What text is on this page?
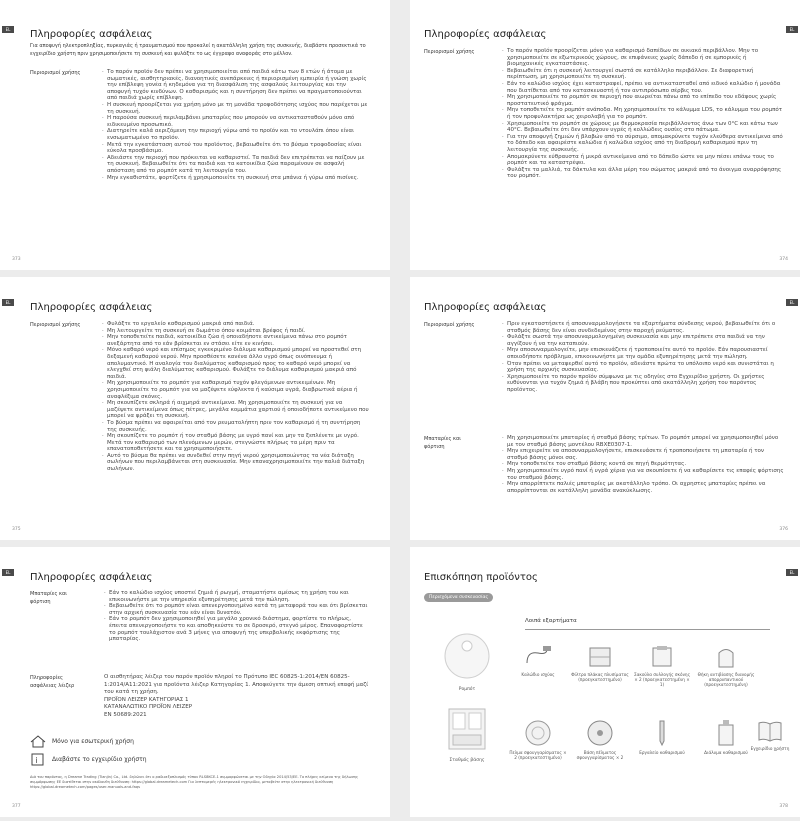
EL	Πληροφορίες ασφάλειας
Για αποφυγή ηλεκτροπληξίας, πυρκαγιάς ή τραυματισμού που προκαλεί η ακατάλληλη χρήση της συσκευής, διαβάστε προσεκτικά το εγχειρίδιο χρήστη πριν χρησιμοποιήσετε τη συσκευή και φυλάξτε το ως έγγραφο αναφοράς στο μέλλον.
Περιορισμοί χρήσης	· Το παρόν προϊόν δεν πρέπει να χρησιμοποιείται από παιδιά κάτω των 8 ετών ή άτομα με σωματικές, αισθητηριακές, διανοητικές ανεπάρκειες ή περιορισμένη εμπειρία ή γνώση χωρίς την επίβλεψη γονέα ή κηδεμόνα για τη διασφάλιση της ασφαλούς λειτουργίας και την αποφυγή τυχόν κινδύνων. Ο καθαρισμός και η συντήρηση δεν πρέπει να πραγματοποιούνται από παιδιά χωρίς επίβλεψη.
· Η συσκευή προορίζεται για χρήση μόνο με τη μονάδα τροφοδότησης ισχύος που παρέχεται με τη συσκευή.
· Η παρούσα συσκευή περιλαμβάνει μπαταρίες που μπορούν να αντικατασταθούν μόνο από ειδικευμένο προσωπικό.
· Διατηρείτε καλά αεριζόμενη την περιοχή γύρω από το προϊόν και το ντουλάπι όπου είναι ενσωματωμένο το προϊόν.
· Μετά την εγκατάσταση αυτού του προϊόντος, βεβαιωθείτε ότι το βύσμα τροφοδοσίας είναι εύκολα προσβάσιμο.
· Αδειάστε την περιοχή που πρόκειται να καθαριστεί. Τα παιδιά δεν επιτρέπεται να παίζουν με τη συσκευή. Βεβαιωθείτε ότι τα παιδιά και τα κατοικίδια ζώα παραμένουν σε ασφαλή απόσταση από το ρομπότ κατά τη λειτουργία του.
· Μην εγκαθιστάτε, φορτίζετε ή χρησιμοποιείτε τη συσκευή στα μπάνια ή γύρω από πισίνες.
373
EL
Πληροφορίες ασφάλειας
Περιορισμοί χρήσης	· Το παρόν προϊόν προορίζεται μόνο για καθαρισμό δαπέδων σε οικιακό περιβάλλον. Μην το χρησιμοποιείτε σε εξωτερικούς χώρους, σε επιφάνειες χωρίς δάπεδο ή σε εμπορικές ή βιομηχανικές εγκαταστάσεις.
· Βεβαιωθείτε ότι η συσκευή λειτουργεί σωστά σε κατάλληλο περιβάλλον. Σε διαφορετική περίπτωση, μη χρησιμοποιείτε τη συσκευή.
· Εάν το καλώδιο ισχύος έχει καταστραφεί, πρέπει να αντικατασταθεί από ειδικό καλώδιο ή μονάδα που διατίθεται από τον κατασκευαστή ή τον αντιπρόσωπο σέρβις του.
· Μη χρησιμοποιείτε το ρομπότ σε περιοχή που αιωρείται πάνω από το επίπεδο του εδάφους χωρίς προστατευτικό φράγμα.
· Μην τοποθετείτε το ρομπότ ανάποδα. Μη χρησιμοποιείτε το κάλυμμα LDS, το κάλυμμα του ρομπότ ή τον προφυλακτήρα ως χειρολαβή για το ρομπότ.
· Χρησιμοποιείτε το ρομπότ σε χώρους με θερμοκρασία περιβάλλοντος άνω των 0°C και κάτω των 40°C. Βεβαιωθείτε ότι δεν υπάρχουν υγρές ή κολλώδεις ουσίες στο πάτωμα.
· Για την αποφυγή ζημιών ή βλαβών από το σύρσιμο, απομακρύνετε τυχόν ελεύθερα αντικείμενα από το δάπεδο και αφαιρέστε καλώδια ή καλώδια ισχύος από τη διαδρομή καθαρισμού πριν τη λειτουργία της συσκευής.
· Απομακρύνετε εύθραυστα ή μικρά αντικείμενα από το δάπεδο ώστε να μην πέσει επάνω τους το ρομπότ και τα καταστρέψει.
· Φυλάξτε τα μαλλιά, τα δάκτυλα και άλλα μέρη του σώματος μακριά από το άνοιγμα αναρρόφησης του ρομπότ.
374
EL	Πληροφορίες ασφάλειας
Περιορισμοί χρήσης	· Φυλάξτε το εργαλείο καθαρισμού μακριά από παιδιά.
· Μη λειτουργείτε τη συσκευή σε δωμάτιο όπου κοιμάται βρέφος ή παιδί.
· Μην τοποθετείτε παιδιά, κατοικίδια ζώα ή οποιαδήποτε αντικείμενα πάνω στο ρομπότ ανεξάρτητα από το εάν βρίσκεται εν στάσει είτε εν κινήσει.
· Μόνο καθαρό νερό και επίσημος εγκεκριμένο διάλυμα καθαρισμού μπορεί να προστεθεί στη δεξαμενή καθαρού νερού. Μην προσθέσετε κανένα άλλο υγρό όπως οινόπνευμα ή απολυμαντικό. Η αναλογία του διαλύματος καθαρισμού προς το καθαρό νερό μπορεί να ελεγχθεί στη φιάλη διαλύματος καθαρισμού. Φυλάξτε το διάλυμα καθαρισμού μακριά από παιδιά.
· Μη χρησιμοποιείτε το ρομπότ για καθαρισμό τυχόν φλεγόμενων αντικειμένων. Μη χρησιμοποιείτε το ρομπότ για να μαζέψετε εύφλεκτα ή καύσιμα υγρά, διαβρωτικά αέρια ή αναφλέξιμα σκόνες.
· Μη σκουπίζετε σκληρά ή αιχμηρά αντικείμενα. Μη χρησιμοποιείτε τη συσκευή για να μαζέψετε αντικείμενα όπως πέτρες, μεγάλα κομμάτια χαρτιού ή οποιοδήποτε αντικείμενο που μπορεί να φράξει τη συσκευή.
· Το βύσμα πρέπει να αφαιρείται από τον ρευματολήπτη πριν τον καθαρισμό ή τη συντήρηση της συσκευής.
· Μη σκουπίζετε το ρομπότ ή τον σταθμό βάσης με υγρό πανί και μην τα ξεπλένετε με υγρό. Μετά τον καθαρισμό των πλενόμενων μερών, στεγνώστε πλήρως τα μέρη πριν τα επανατοποθετήσετε και τα χρησιμοποιήσετε.
· Αυτό το βύσμα θα πρέπει να συνδεθεί στην πηγή νερού χρησιμοποιώντας τα νέα διάταξη σωλήνων που περιλαμβάνεται στη συσκευασία. Μην επαναχρησιμοποιείτε την παλιά διάταξη σωλήνων.
375
EL
Πληροφορίες ασφάλειας
Περιορισμοί χρήσης	· Πριν εγκαταστήσετε ή αποσυναρμολογήσετε τα εξαρτήματα σύνδεσης νερού, βεβαιωθείτε ότι ο σταθμός βάσης δεν είναι συνδεδεμένος στην παροχή ρεύματος.
· Φυλάξτε σωστά την αποσυναρμολογημένη συσκευασία και μην επιτρέπετε στα παιδιά να την αγγίξουν ή να την καταπιούν.
· Μην αποσυναρμολογείτε, μην επισκευάζετε ή τροποποιείτε αυτό το προϊόν. Εάν παρουσιαστεί οποιοδήποτε πρόβλημα, επικοινωνήστε με την ομάδα εξυπηρέτησης μετά την πώληση.
· Όταν πρέπει να μεταφερθεί αυτό το προϊόν, αδειάστε πρώτα το υπόλοιπο νερό και συνιστάται η χρήση της αρχικής συσκευασίας.
· Χρησιμοποιείτε το παρόν προϊόν σύμφωνα με τις οδηγίες στο Εγχειρίδιο χρήστη. Οι χρήστες ευθύνονται για τυχόν ζημιά ή βλάβη που προκύπτει από ακατάλληλη χρήση του παρόντος προϊόντος.
Μπαταρίες και φόρτιση
· Μη χρησιμοποιείτε μπαταρίες ή σταθμό βάσης τρίτων. Το ρομπότ μπορεί να χρησιμοποιηθεί μόνο με τον σταθμό βάσης μοντέλου RBXE0307-1.
· Μην επιχειρείτε να αποσυναρμολογήσετε, επισκευάσετε ή τροποποιήσετε τη μπαταρία ή τον σταθμό βάσης μόνοι σας.
· Μην τοποθετείτε τον σταθμό βάσης κοντά σε πηγή θερμότητας.
· Μη χρησιμοποιείτε υγρό πανί ή υγρά χέρια για να σκουπίσετε ή να καθαρίσετε τις επαφές φόρτισης του σταθμού βάσης.
· Μην απορρίπτετε παλιές μπαταρίες με ακατάλληλο τρόπο. Οι αχρηστες μπαταρίες πρέπει να απορρίπτονται σε κατάλληλη μονάδα ανακύκλωσης.
376
EL	Πληροφορίες ασφάλειας
Μπαταρίες και φόρτιση
· Εάν το καλώδιο ισχύος υποστεί ζημιά ή ρωγμή, σταματήστε αμέσως τη χρήση του και επικοινωνήστε με την υπηρεσία εξυπηρέτησης μετά την πώληση.
· Βεβαιωθείτε ότι το ρομπότ είναι απενεργοποιημένο κατά τη μεταφορά του και ότι βρίσκεται στην αρχική συσκευασία του εάν είναι δυνατόν.
· Εάν το ρομπότ δεν χρησιμοποιηθεί για μεγάλο χρονικό διάστημα, φορτίστε το πλήρως, έπειτα απενεργοποιήστε το και αποθηκεύστε το σε δροσερό, στεγνό μέρος. Επαναφορτίστε το ρομπότ τουλάχιστον ανά 3 μήνες για αποφυγή της υπερβολικής εκφόρτισης της μπαταρίας.
Πληροφορίες ασφάλειας λέιζερ
Ο αισθητήρας λέιζερ του παρόν προϊόν πληροί το Πρότυπο IEC 60825-1:2014/EN 60825-1:2014/A11:2021 για προϊόντα λέιζερ Κατηγορίας 1. Αποφεύγετε την άμεση οπτική επαφή μαζί του κατά τη χρήση.
ΠΡΟΪΟΝ ΛΕΙΖΕΡ ΚΑΤΗΓΟΡΙΑΣ 1
ΚΑΤΑΝΑΛΩΤΙΚΟ ΠΡΟΪΟΝ ΛΕΙΖΕΡ
EN 50689:2021
Μόνο για εσωτερική χρήση
i Διαβάστε το εγχειρίδιο χρήστη
Διά του παρόντος, η Dreame Trading (Tianjin) Co., Ltd. δηλώνει ότι ο ραδιοεξοπλισμός τύπου RLS8KCE-1 συμμορφώνεται με την Οδηγία 2014/53/ΕΕ. Το πλήρες κείμενο της δήλωσης συμμόρφωσης ΕΕ διατίθεται στην ακόλουθη διεύθυνση: https://global.dreametech.com Για λεπτομερές ηλεκτρονικό εγχειρίδιο, μεταβείτε στην ηλεκτρονική διεύθυνση https://global.dreametech.com/pages/user-manuals-and-faqs
377
EL
Επισκόπηση προϊόντος
Περιεχόμενα συσκευασίας
Ρομπότ
Σταθμός βάσης
Λοιπά εξαρτήματα
Καλώδιο ισχύος	Φίλτρο πλάκας πλυσίματος (προεγκατεστημένο)
Σακούλα συλλογής σκόνης × 2 (προεγκατεστημένη × 1)
Θήκη αντιβίασης διανομής απορρυπαντικού (προεγκατεστημένη)
Πελμα σφουγγαρίσματος × 2 (προεγκατεστημένο)
Βάση πέλματος σφουγγαρίσματος × 2
Εργαλείο καθαρισμού	Διάλυμα καθαρισμού
Εγχειρίδιο χρήστη
378
